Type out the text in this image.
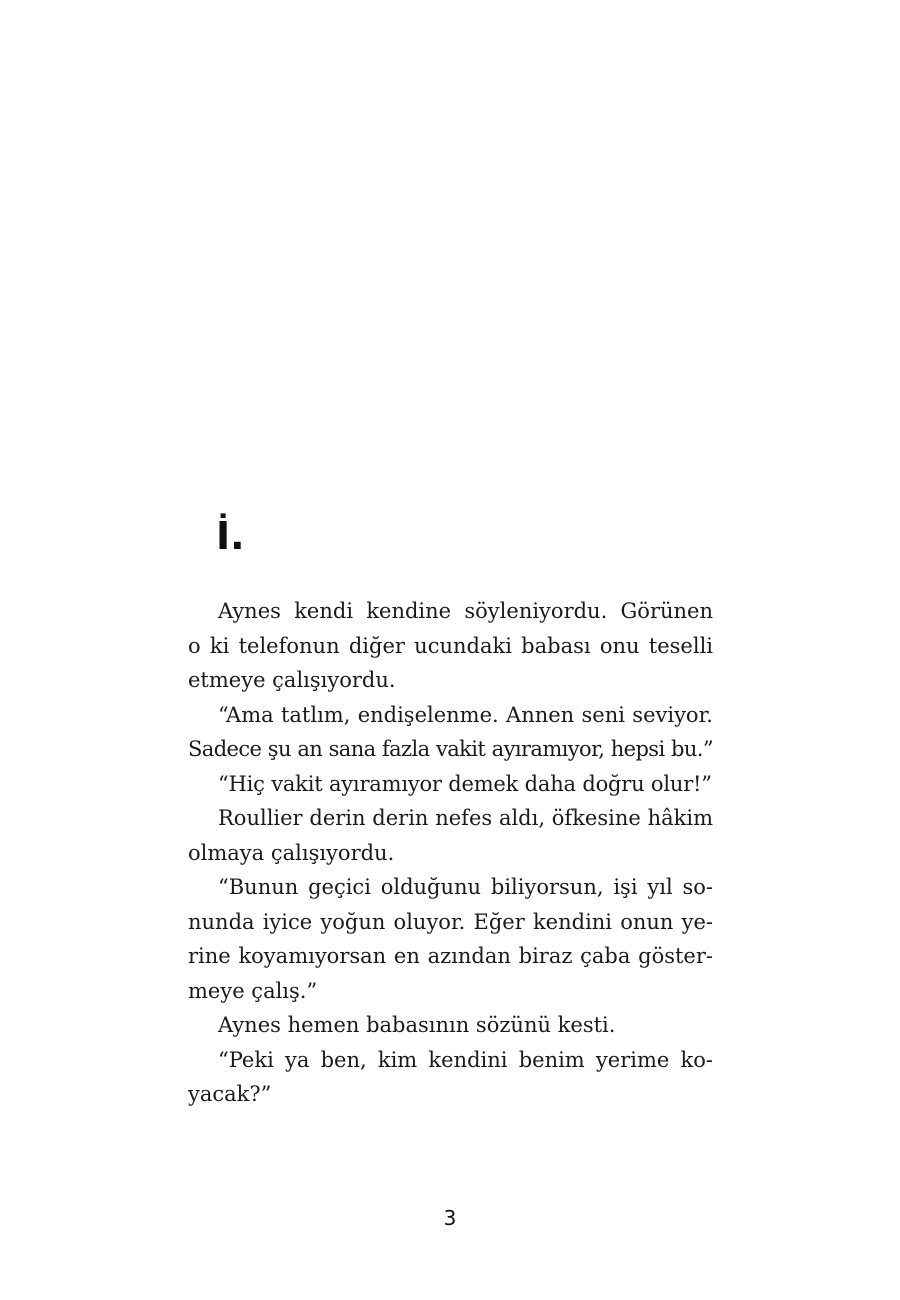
İ.
Aynes kendi kendine söyleniyordu. Görünen
o ki telefonun diğer ucundaki babası onu teselli
etmeye çalışıyordu.
“Ama tatlım, endişelenme. Annen seni seviyor.
Sadece şu an sana fazla vakit ayıramıyor, hepsi bu.”
“Hiç vakit ayıramıyor demek daha doğru olur!”
Roullier derin derin nefes aldı, öfkesine hâkim
olmaya çalışıyordu.
“Bunun geçici olduğunu biliyorsun, işi yıl so-
nunda iyice yoğun oluyor. Eğer kendini onun ye-
rine koyamıyorsan en azından biraz çaba göster-
meye çalış.”
Aynes hemen babasının sözünü kesti.
“Peki ya ben, kim kendini benim yerime ko-
yacak?”
3
